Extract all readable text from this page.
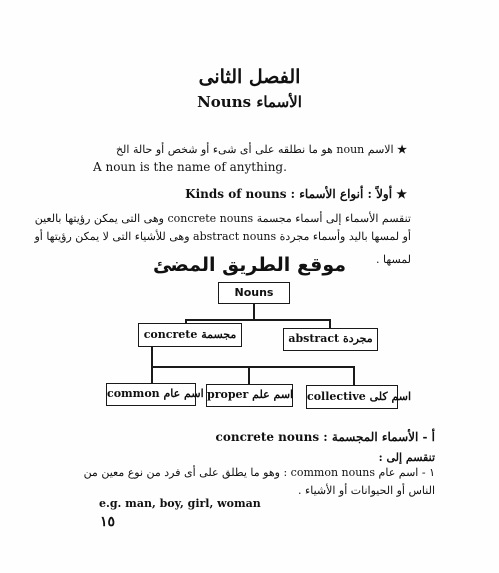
الفصل الثانى
الأسماء Nouns
★ الاسم noun هو ما نطلقه على أى شىء أو شخص أو حالة الخ
A noun is the name of anything.
★ أولاً : أنواع الأسماء Kinds of nouns :
تنقسم الأسماء إلى أسماء مجسمة concrete nouns وهى التى يمكن رؤيتها بالعين
أو لمسها باليد وأسماء مجردة abstract nouns وهى للأشياء التى لا يمكن رؤيتها أو
لمسها .
موقع الطريق المضئ
Nouns
concrete مجسمة	abstract مجردة
common اسم عام proper اسم علم collective اسم كلى
أ - الأسماء المجسمة concrete nouns :
تنقسم إلى :
١ - اسم عام common nouns : وهو ما يطلق على أى فرد من نوع معين من
الناس أو الحيوانات أو الأشياء .
e.g. man, boy, girl, woman
١٥
